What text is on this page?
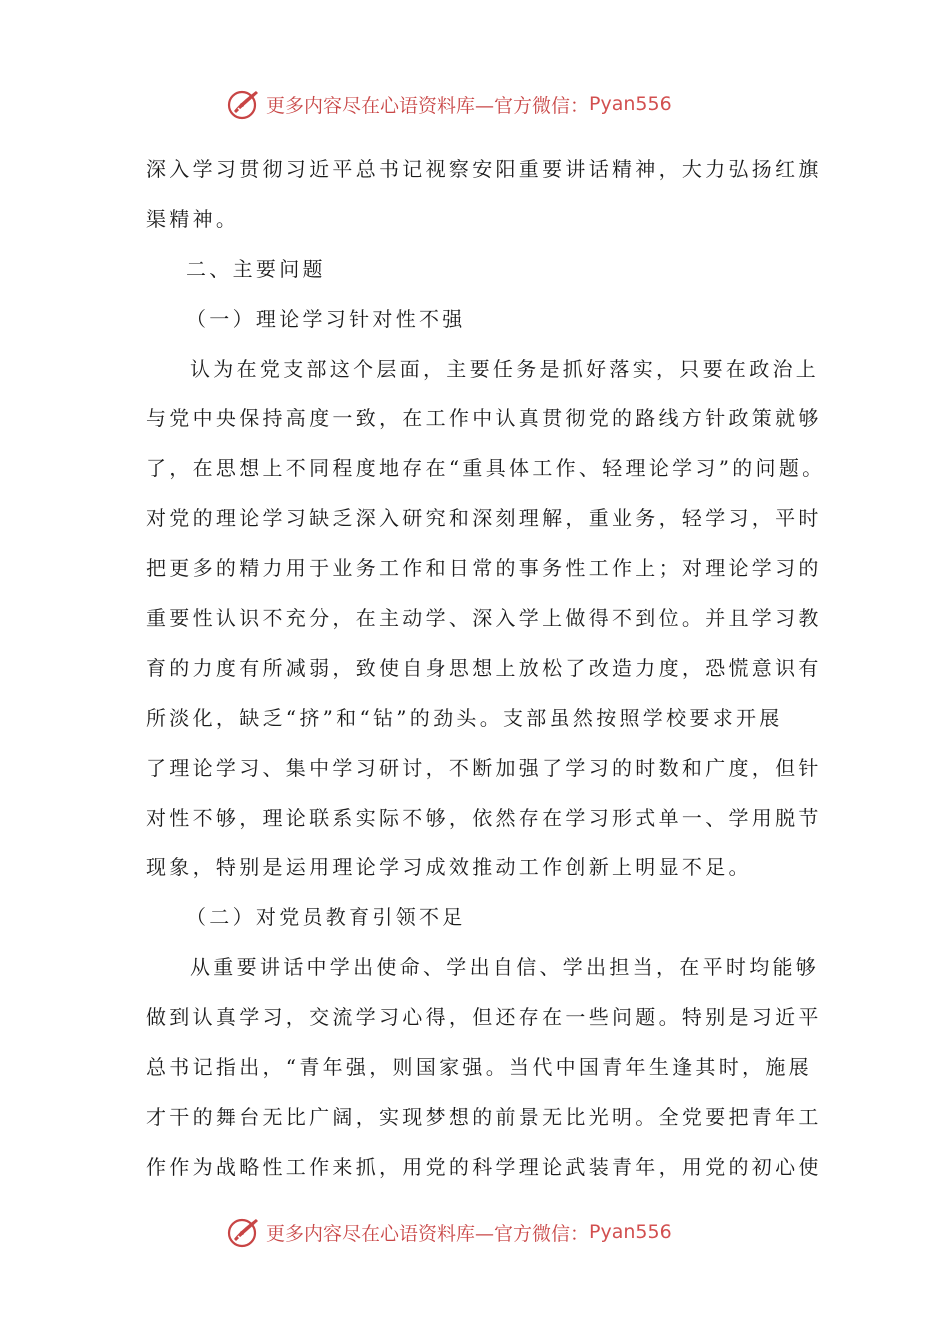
更多内容尽在心语资料库—官方微信： Pyan556
深入学习贯彻习近平总书记视察安阳重要讲话精神，大力弘扬红旗
渠精神。
二、主要问题
（一）理论学习针对性不强
认为在党支部这个层面，主要任务是抓好落实，只要在政治上
与党中央保持高度一致，在工作中认真贯彻党的路线方针政策就够
了，在思想上不同程度地存在“重具体工作、轻理论学习”的问题。
对党的理论学习缺乏深入研究和深刻理解，重业务，轻学习，平时
把更多的精力用于业务工作和日常的事务性工作上；对理论学习的
重要性认识不充分，在主动学、深入学上做得不到位。并且学习教
育的力度有所减弱，致使自身思想上放松了改造力度，恐慌意识有
所淡化，缺乏“挤”和“钻”的劲头。支部虽然按照学校要求开展
了理论学习、集中学习研讨，不断加强了学习的时数和广度，但针
对性不够，理论联系实际不够，依然存在学习形式单一、学用脱节
现象，特别是运用理论学习成效推动工作创新上明显不足。
（二）对党员教育引领不足
从重要讲话中学出使命、学出自信、学出担当，在平时均能够
做到认真学习，交流学习心得，但还存在一些问题。特别是习近平
总书记指出，“青年强，则国家强。当代中国青年生逢其时，施展
才干的舞台无比广阔，实现梦想的前景无比光明。全党要把青年工
作作为战略性工作来抓，用党的科学理论武装青年，用党的初心使
更多内容尽在心语资料库—官方微信： Pyan556
